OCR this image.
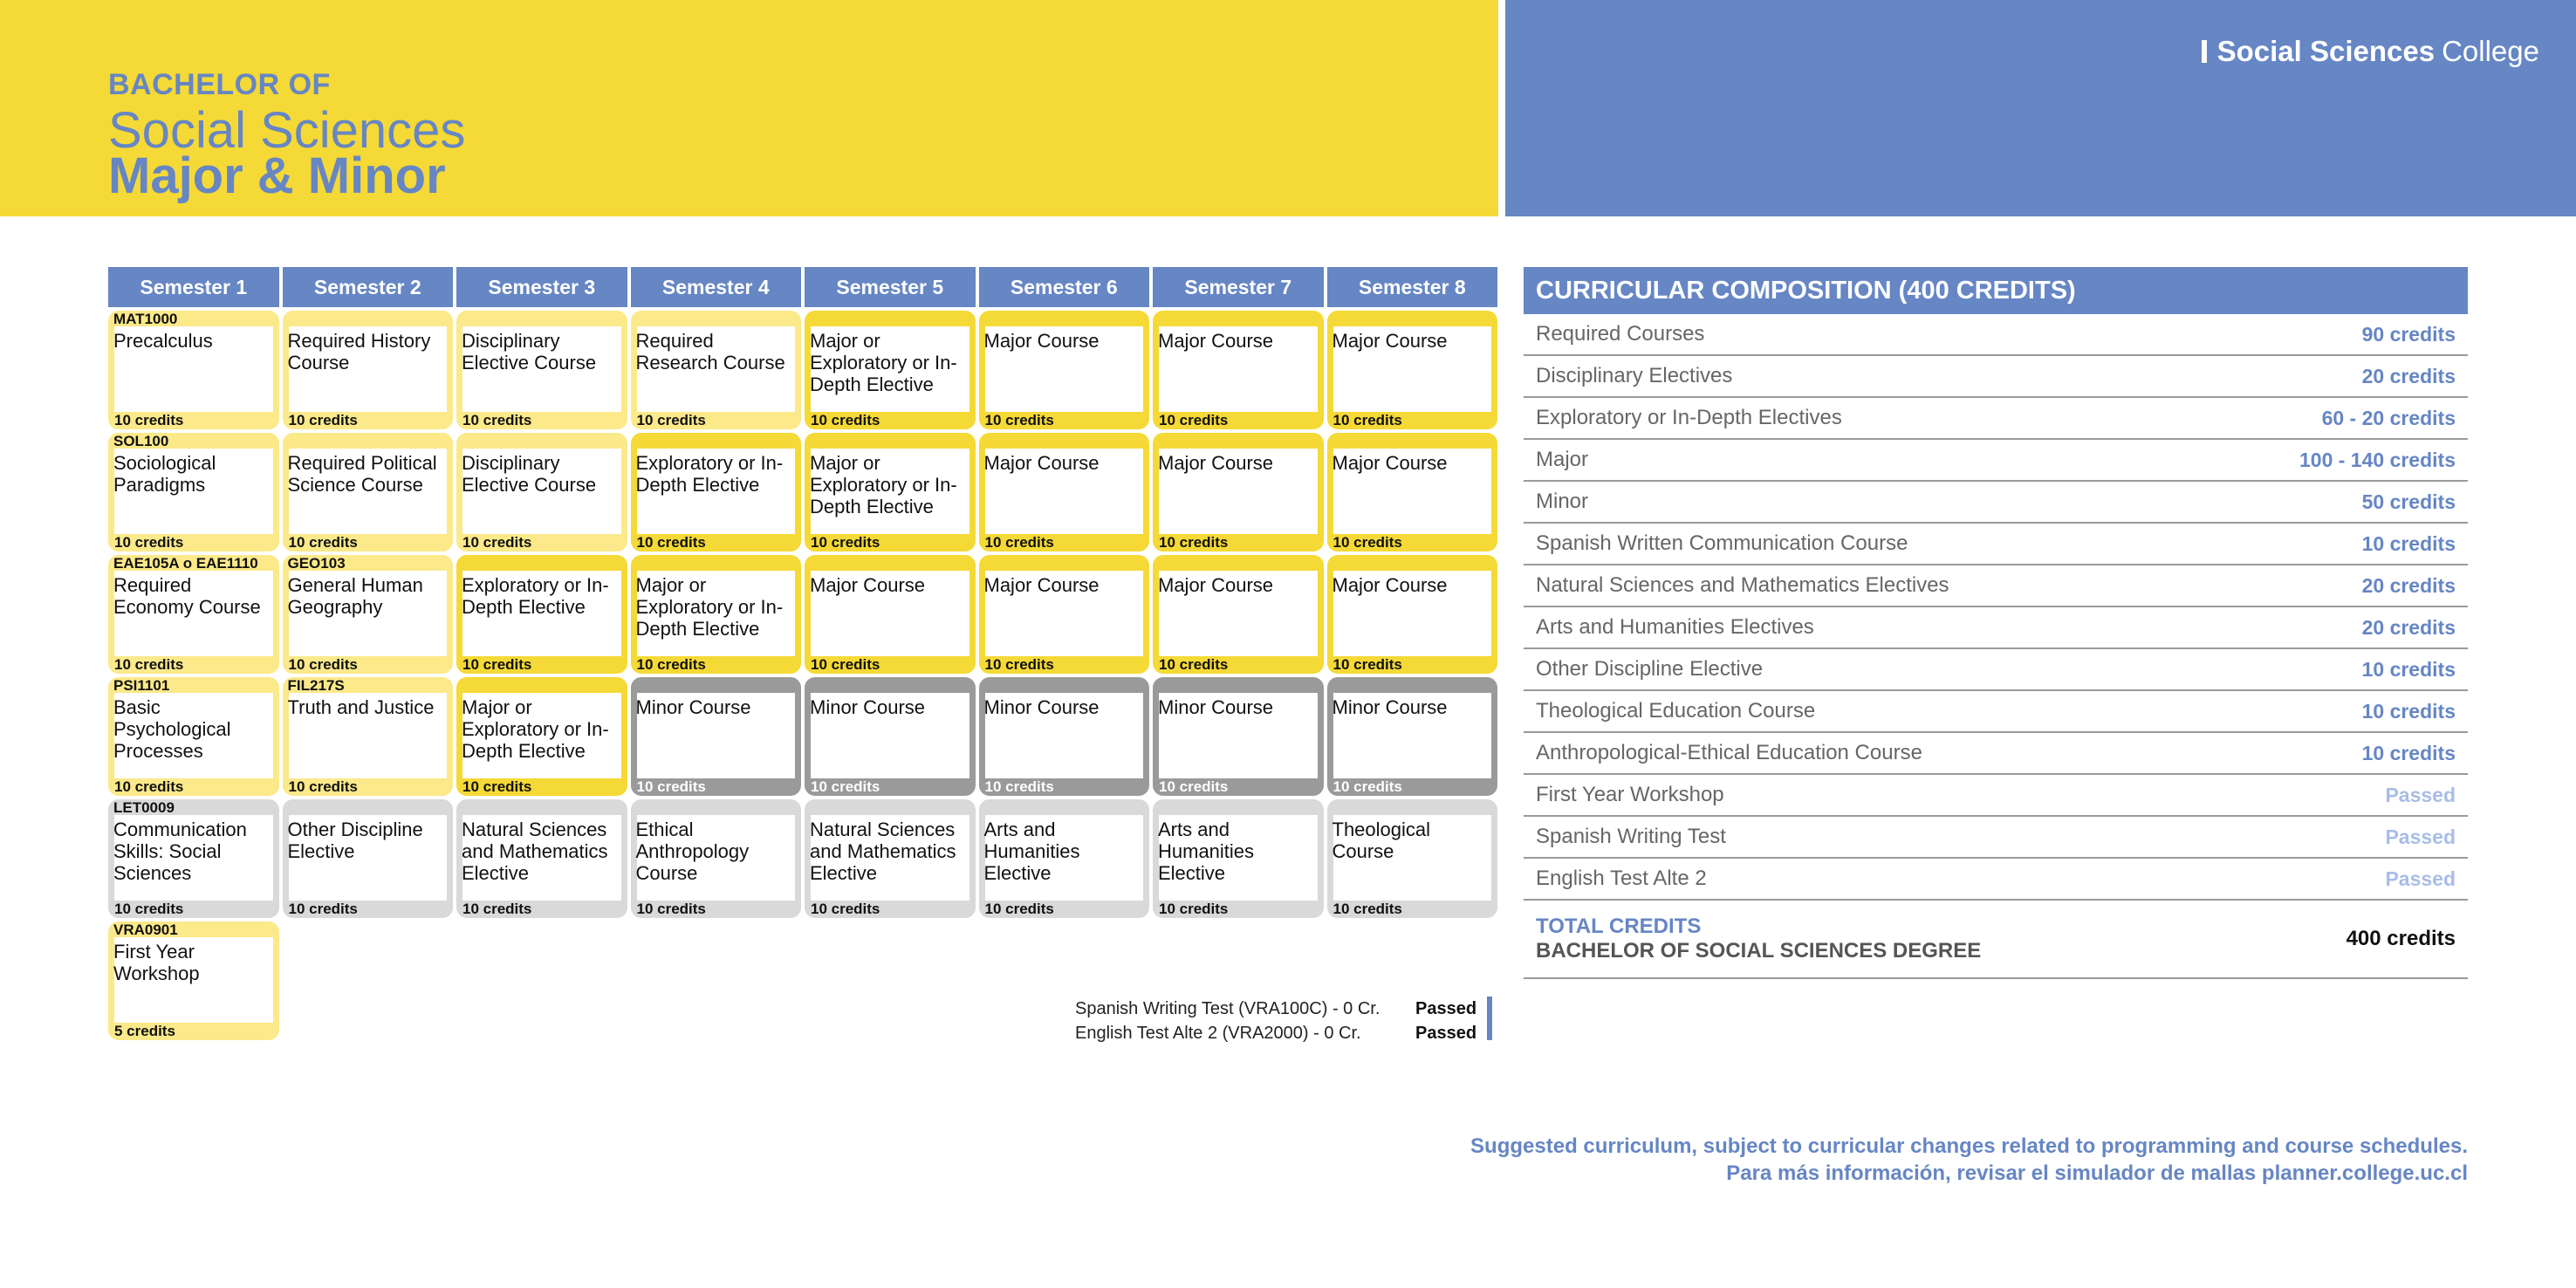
BACHELOR OF
Social Sciences
Major & Minor
Social Sciences College
Semester 1	Semester 2	Semester 3	Semester 4	Semester 5	Semester 6	Semester 7	Semester 8
MAT1000
Precalculus
10 credits
Required History Course
10 credits
Disciplinary Elective Course
10 credits
Required Research Course
10 credits
Major or Exploratory or In-Depth Elective
10 credits
Major Course
10 credits
Major Course
10 credits
Major Course
10 credits
SOL100
Sociological Paradigms
10 credits
Required Political Science Course
10 credits
Disciplinary Elective Course
10 credits
Exploratory or In-Depth Elective
10 credits
Major or Exploratory or In-Depth Elective
10 credits
Major Course
10 credits
Major Course
10 credits
Major Course
10 credits
EAE105A o EAE1110
Required Economy Course
10 credits
GEO103
General Human Geography
10 credits
Exploratory or In-Depth Elective
10 credits
Major or Exploratory or In-Depth Elective
10 credits
Major Course
10 credits
Major Course
10 credits
Major Course
10 credits
Major Course
10 credits
PSI1101
Basic Psychological Processes
10 credits
FIL217S
Truth and Justice
10 credits
Major or Exploratory or In-Depth Elective
10 credits
Minor Course
10 credits
Minor Course
10 credits
Minor Course
10 credits
Minor Course
10 credits
Minor Course
10 credits
LET0009
Communication Skills: Social Sciences
10 credits
Other Discipline Elective
10 credits
Natural Sciences and Mathematics Elective
10 credits
Ethical Anthropology Course
10 credits
Natural Sciences and Mathematics Elective
10 credits
Arts and Humanities Elective
10 credits
Arts and Humanities Elective
10 credits
Theological Course
10 credits
VRA0901
First Year Workshop
5 credits
Spanish Writing Test (VRA100C) - 0 Cr.	Passed
English Test Alte 2 (VRA2000) - 0 Cr.	Passed
CURRICULAR COMPOSITION (400 CREDITS)
Required Courses	90 credits
Disciplinary Electives	20 credits
Exploratory or In-Depth Electives	60 - 20 credits
Major	100 - 140 credits
Minor	50 credits
Spanish Written Communication Course	10 credits
Natural Sciences and Mathematics Electives	20 credits
Arts and Humanities Electives	20 credits
Other Discipline Elective	10 credits
Theological Education Course	10 credits
Anthropological-Ethical Education Course	10 credits
First Year Workshop	Passed
Spanish Writing Test	Passed
English Test Alte 2	Passed
TOTAL CREDITS
BACHELOR OF SOCIAL SCIENCES DEGREE
400 credits
Suggested curriculum, subject to curricular changes related to programming and course schedules.
Para más información, revisar el simulador de mallas planner.college.uc.cl
